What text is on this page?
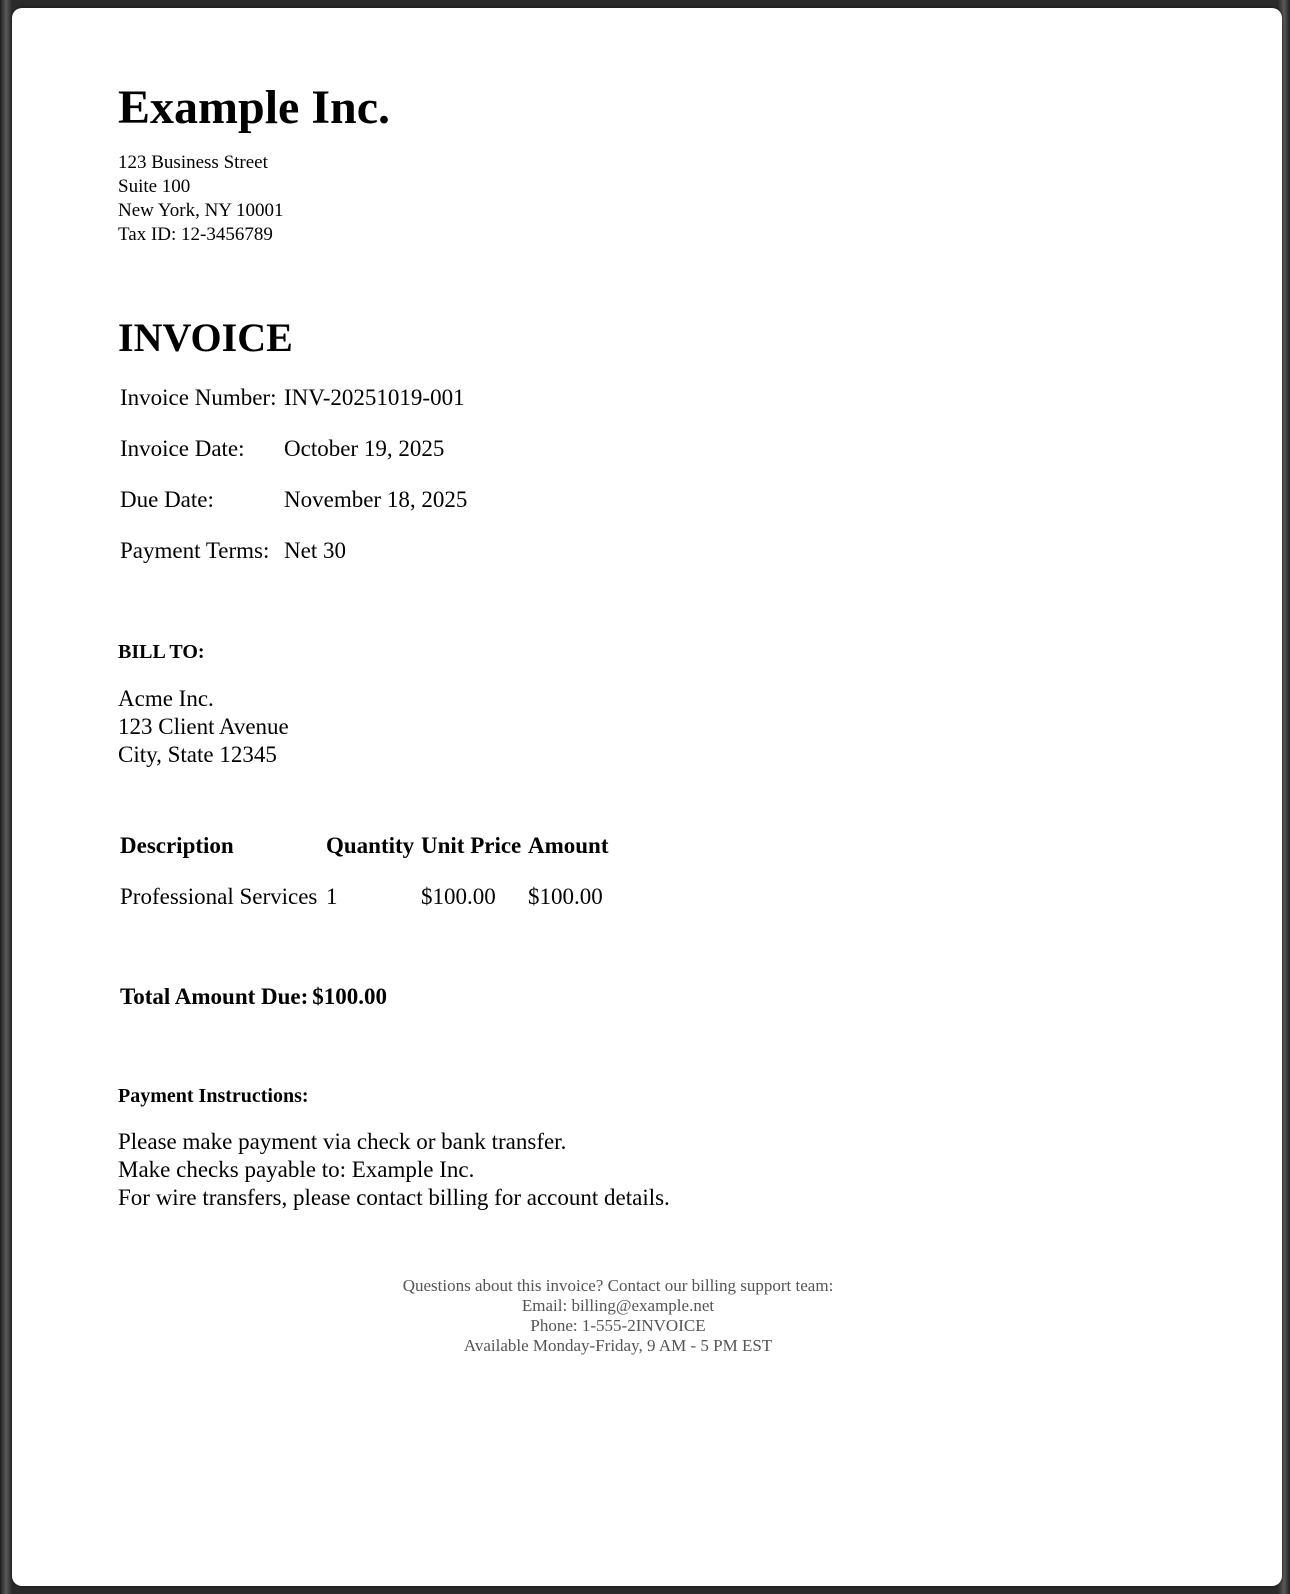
Example Inc.
123 Business Street
Suite 100
New York, NY 10001
Tax ID: 12-3456789
INVOICE
Invoice Number:	INV-20251019-001
Invoice Date:	October 19, 2025
Due Date:	November 18, 2025
Payment Terms:	Net 30
BILL TO:
Acme Inc.
123 Client Avenue
City, State 12345
Description	Quantity	Unit Price	Amount
Professional Services	1	$100.00	$100.00
Total Amount Due:	$100.00
Payment Instructions:
Please make payment via check or bank transfer.
Make checks payable to: Example Inc.
For wire transfers, please contact billing for account details.
Questions about this invoice? Contact our billing support team:
Email: billing@example.net
Phone: 1-555-2INVOICE
Available Monday-Friday, 9 AM - 5 PM EST
